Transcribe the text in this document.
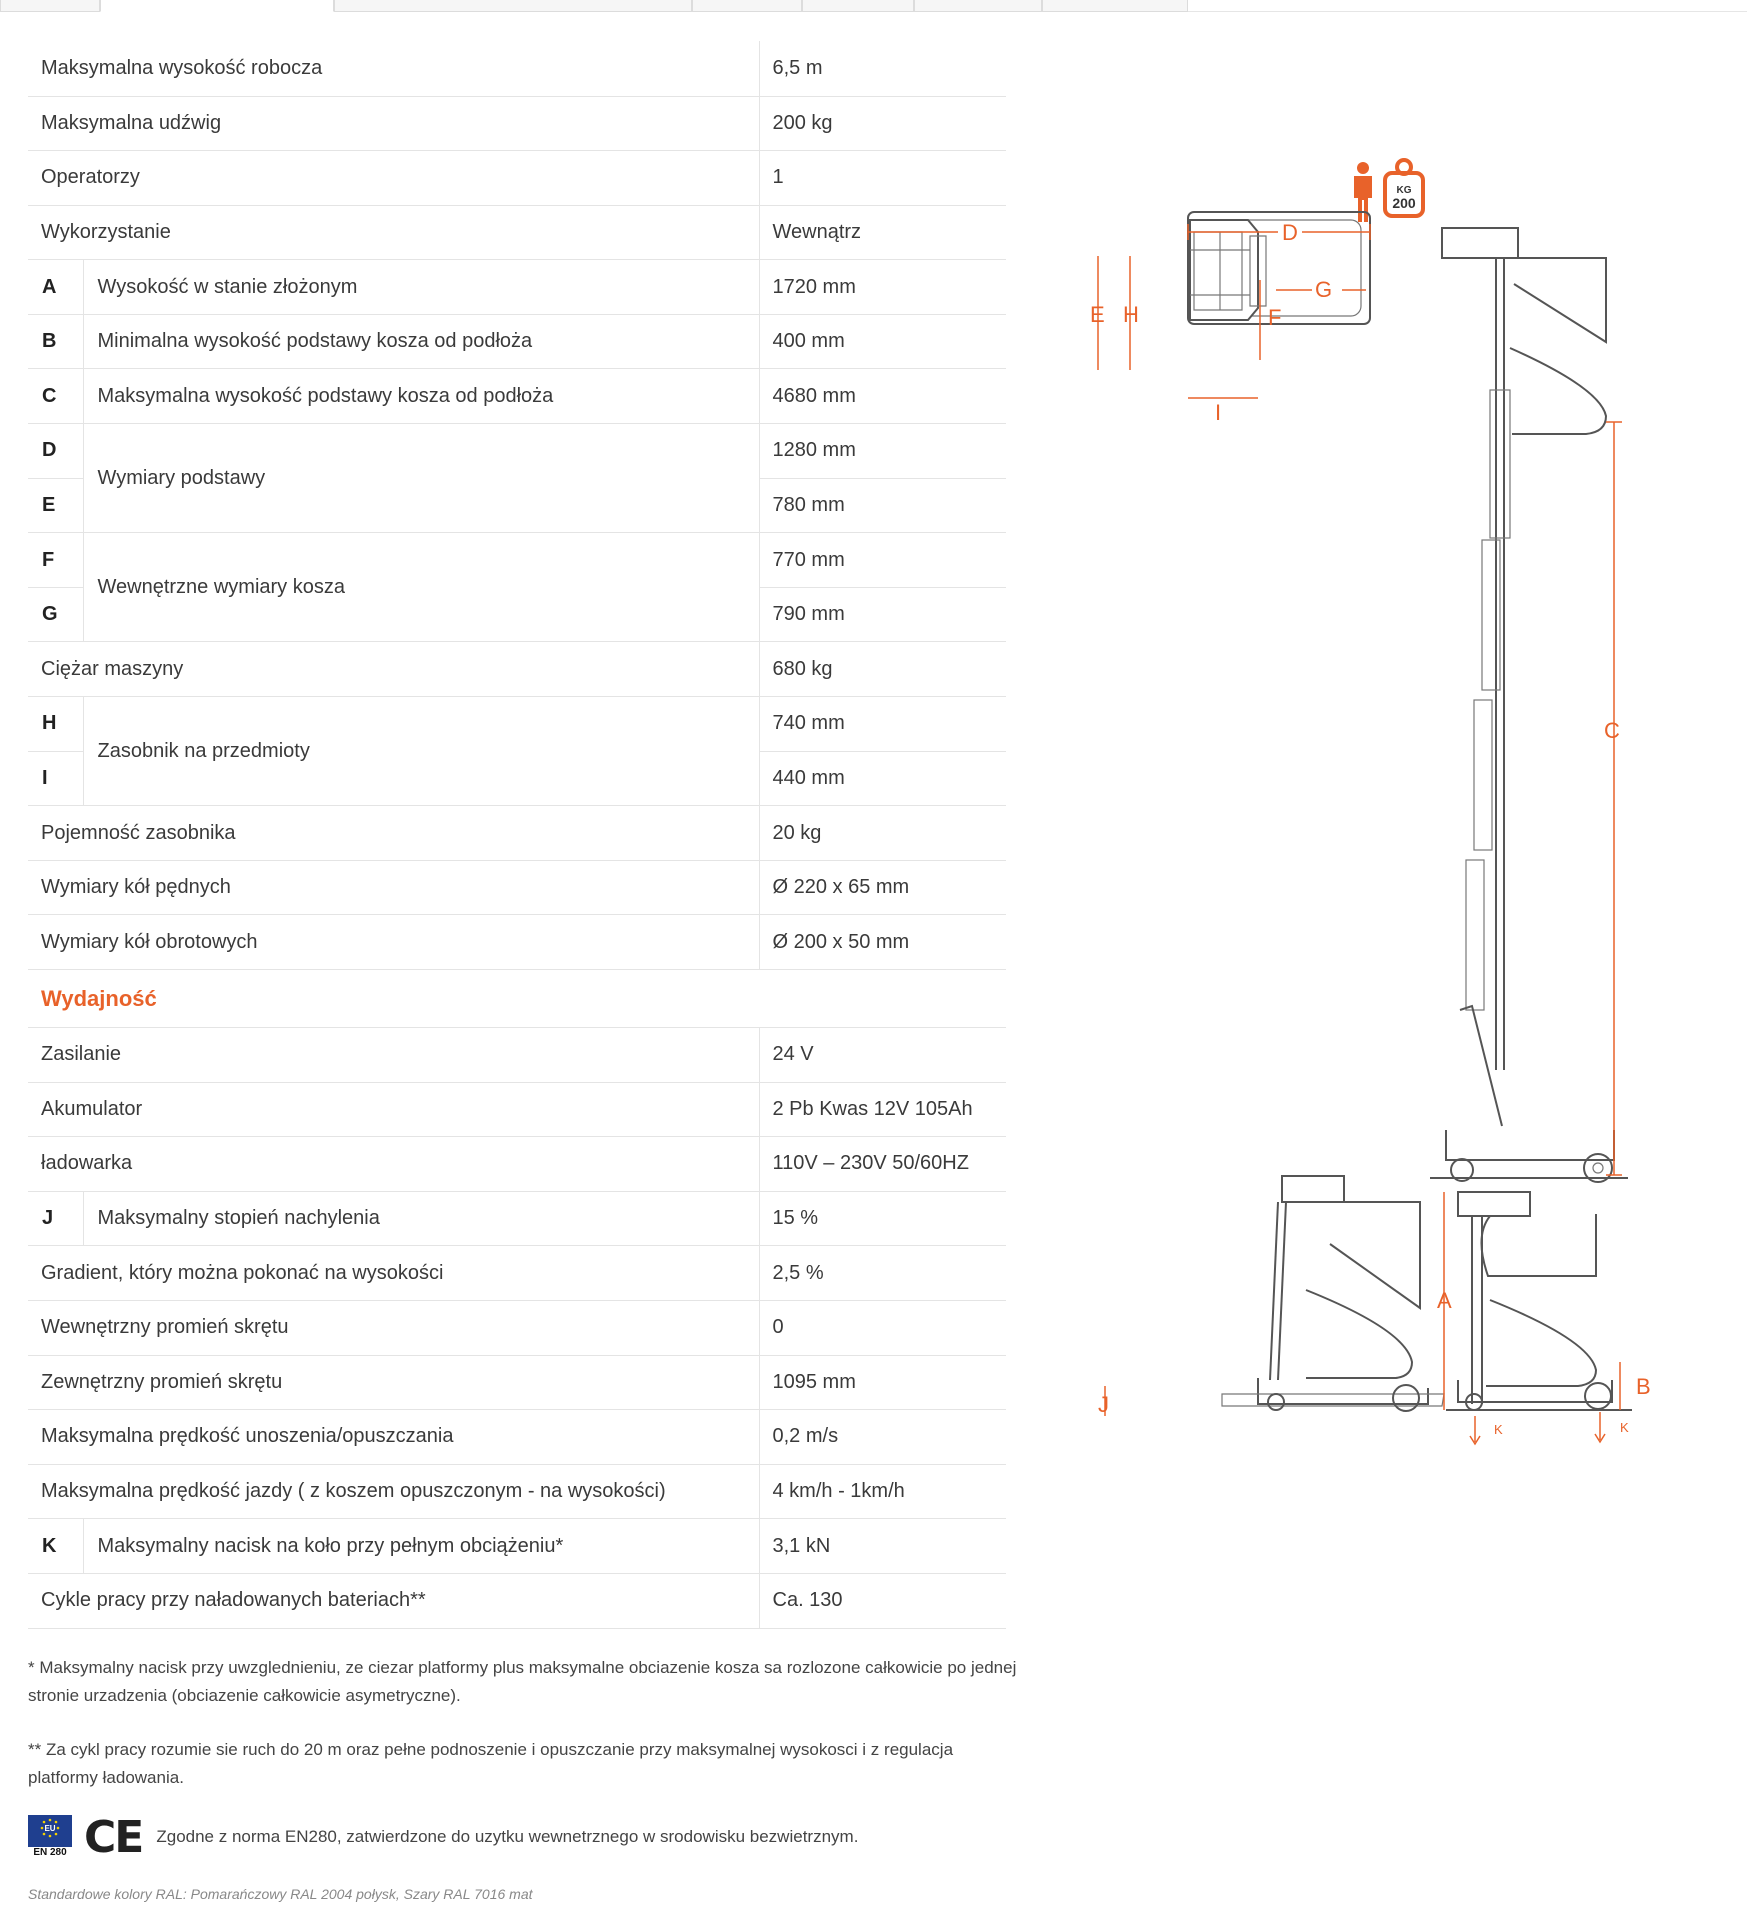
Maksymalna wysokość robocza		6,5 m
Maksymalna udźwig		200 kg
Operatorzy		1
Wykorzystanie		Wewnątrz
A	Wysokość w stanie złożonym	1720 mm
B	Minimalna wysokość podstawy kosza od podłoża	400 mm
C	Maksymalna wysokość podstawy kosza od podłoża	4680 mm
D	Wymiary podstawy	1280 mm
E		780 mm
F	Wewnętrzne wymiary kosza	770 mm
G		790 mm
Ciężar maszyny		680 kg
H	Zasobnik na przedmioty	740 mm
I		440 mm
Pojemność zasobnika		20 kg
Wymiary kół pędnych		Ø 220 x 65 mm
Wymiary kół obrotowych		Ø 200 x 50 mm
Wydajność		
Zasilanie		24 V
Akumulator		2 Pb Kwas 12V 105Ah
ładowarka		110V – 230V 50/60HZ
J	Maksymalny stopień nachylenia	15 %
Gradient, który można pokonać na wysokości		2,5 %
Wewnętrzny promień skrętu		0
Zewnętrzny promień skrętu		1095 mm
Maksymalna prędkość unoszenia/opuszczania		0,2 m/s
Maksymalna prędkość jazdy ( z koszem opuszczonym - na wysokości)		4 km/h - 1km/h
K	Maksymalny nacisk na koło przy pełnym obciążeniu*	3,1 kN
Cykle pracy przy naładowanych bateriach**		Ca. 130

* Maksymalny nacisk przy uwzglednieniu, ze ciezar platformy plus maksymalne obciazenie kosza sa rozlozone całkowicie po jednej stronie urzadzenia (obciazenie całkowicie asymetryczne).

** Za cykl pracy rozumie sie ruch do 20 m oraz pełne podnoszenie i opuszczanie przy maksymalnej wysokosci i z regulacja platformy ładowania.

EU
EN 280 CE Zgodne z norma EN280, zatwierdzone do uzytku wewnetrznego w srodowisku bezwietrznym.

Standardowe kolory RAL: Pomarańczowy RAL 2004 połysk, Szary RAL 7016 mat

KG
200
D
E H
G
F
I
C
J
A
B
K	K
